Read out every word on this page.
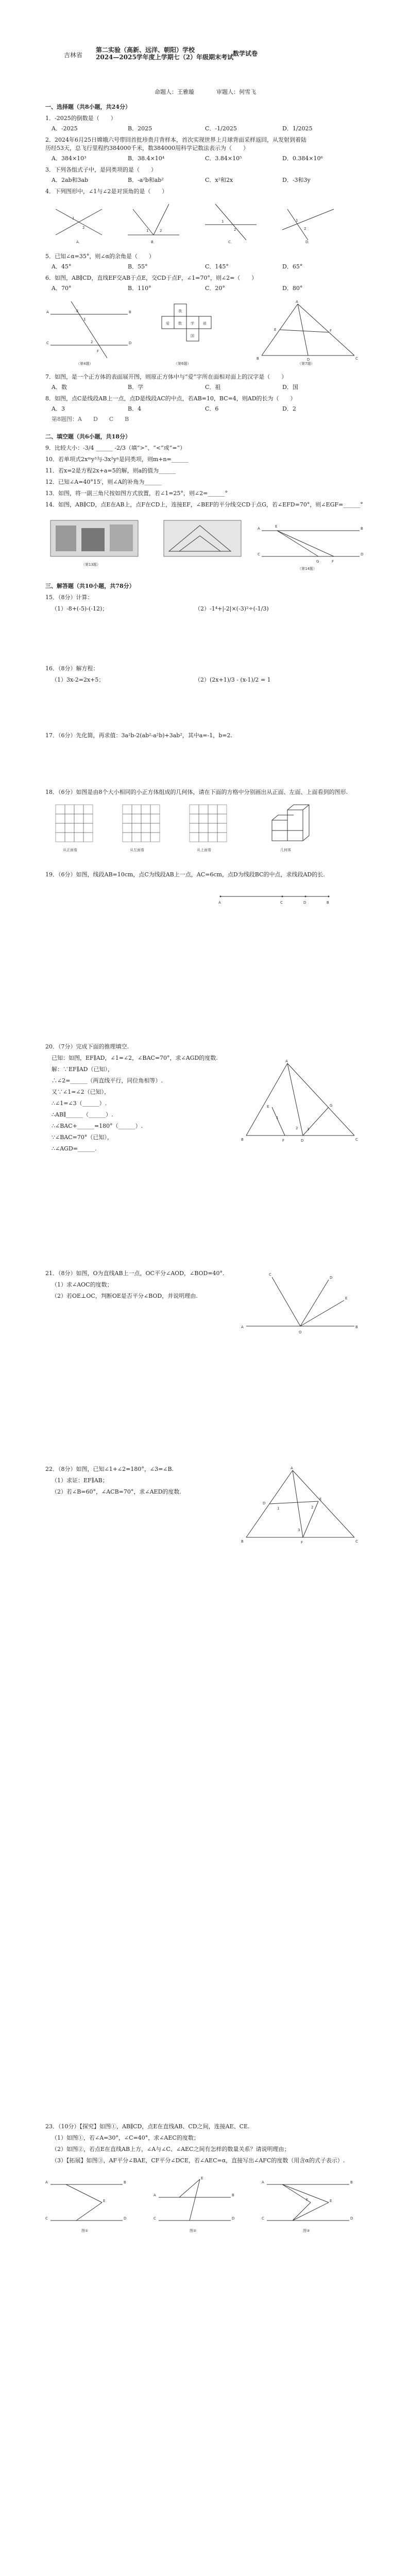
吉林省
第二实验（高新、远洋、朝阳）学校
2024—2025学年度上学期七（2）年级期末考试
数学试卷
命题人：王雅璇	审题人：何雪飞
一、选择题（共8小题，共24分）
1．-2025的倒数是（　　）
A．-2025	B．2025	C．-1/2025	D．1/2025
2．2024年6月25日嫦娥六号带回首批珍贵月背样本，首次实现世界上月球背面采样返回，从发射到着陆
历经53天，总飞行里程约384000千米，数384000用科学记数法表示为（　　）
A．384×10³	B．38.4×10⁴	C．3.84×10⁵	D．0.384×10⁶
3．下列各组式子中，是同类项的是（　　）
A．2ab和3ab	B．-a²b和ab²	C．x²和2x	D．-3和3y
4．下列图形中，∠1与∠2是对顶角的是（　　）
1
2
A．
1	2
B．
1
2
C．
1
2
D．
5．已知∠α=35°，则∠α的余角是（　　）
A．45°	B．55°	C．145°	D．65°
6．如图，AB∥CD，直线EF交AB于点E，交CD于点F，∠1=70°，则∠2=（　　）
A．70°	B．110°	C．20°	D．80°
A	B
C	D
E
F
1
2
（第4题）
我
爱 数 学 祖
国
（第6题）
A
B	C
D
E	F
（第7题）
7．如图，是一个正方体的表面展开图，则原正方体中与“爱”字所在面相对面上的汉字是（　　）
A．数	B．学	C．祖	D．国
8．如图，点C是线段AB上一点，点D是线段AC的中点，若AB=10，BC=4，则AD的长为（　　）
A．3	B．4	C．6	D．2
第8题图：A　　D　　C　　B
二、填空题（共6小题，共18分）
9．比较大小：-3/4 ______ -2/3（填“>”、“<”或“=”）
10．若单项式2xᵐy³与-3x²yⁿ是同类项，则m+n=______
11．若x=2是方程2x+a=5的解，则a的值为______
12．已知∠A=40°15′，则∠A的补角为______
13．如图，将一副三角尺按如图方式放置，若∠1=25°，则∠2=______°
14．如图，AB∥CD，点E在AB上，点F在CD上，连接EF，∠BEF的平分线交CD于点G，若∠EFD=70°，则∠EGF=______°
（第13题）
A	B
C	D
E
F
G
（第14题）
三、解答题（共10小题，共78分）
15．（8分）计算：
（1）-8+(-5)-(-12)；	（2）-1⁴+|-2|×(-3)²÷(-1/3)
16．（8分）解方程：
（1）3x-2=2x+5；	（2）(2x+1)/3 - (x-1)/2 = 1
17．（6分）先化简，再求值：3a²b-2(ab²-a²b)+3ab²，其中a=-1，b=2.
18．（6分）如图是由8个大小相同的小正方体组成的几何体，请在下面的方格中分别画出从正面、左面、上面看到的图形.
从正面看	从左面看	从上面看	几何体
19．（6分）如图，线段AB=10cm，点C为线段AB上一点，AC=6cm，点D为线段BC的中点，求线段AD的长.
A	C	D	B
20．（7分）完成下面的推理填空.
已知：如图，EF∥AD，∠1=∠2，∠BAC=70°，求∠AGD的度数.
解：∵EF∥AD（已知），
∴∠2=______（两直线平行，同位角相等）.
又∵∠1=∠2（已知），
∴∠1=∠3（______）.
∴AB∥______（______）.
∴∠BAC+______=180°（______）.
∵∠BAC=70°（已知），
∴∠AGD=______.
A
B	C
D
E
F
G
1
2	3
21．（8分）如图，O为直线AB上一点，OC平分∠AOD，∠BOD=40°.
（1）求∠AOC的度数；
（2）若OE⊥OC，判断OE是否平分∠BOD，并说明理由.
A	B
C
D
E
O
22．（8分）如图，已知∠1+∠2=180°，∠3=∠B.
（1）求证：EF∥AB；
（2）若∠B=60°，∠ACB=70°，求∠AED的度数.
A
B	C
D
E
F
1	2
3
23．（10分）【探究】如图①，AB∥CD，点E在直线AB、CD之间，连接AE、CE.
（1）如图①，若∠A=30°，∠C=40°，求∠AEC的度数；
（2）如图②，若点E在直线AB上方，∠A与∠C、∠AEC之间有怎样的数量关系？请说明理由；
（3）【拓展】如图③，AF平分∠BAE，CF平分∠DCE，若∠AEC=α，直接写出∠AFC的度数（用含α的式子表示）.
A	B
C	D
E
图①
A	B
C	D
E
图②
A	B
C	D
E
F
图③
